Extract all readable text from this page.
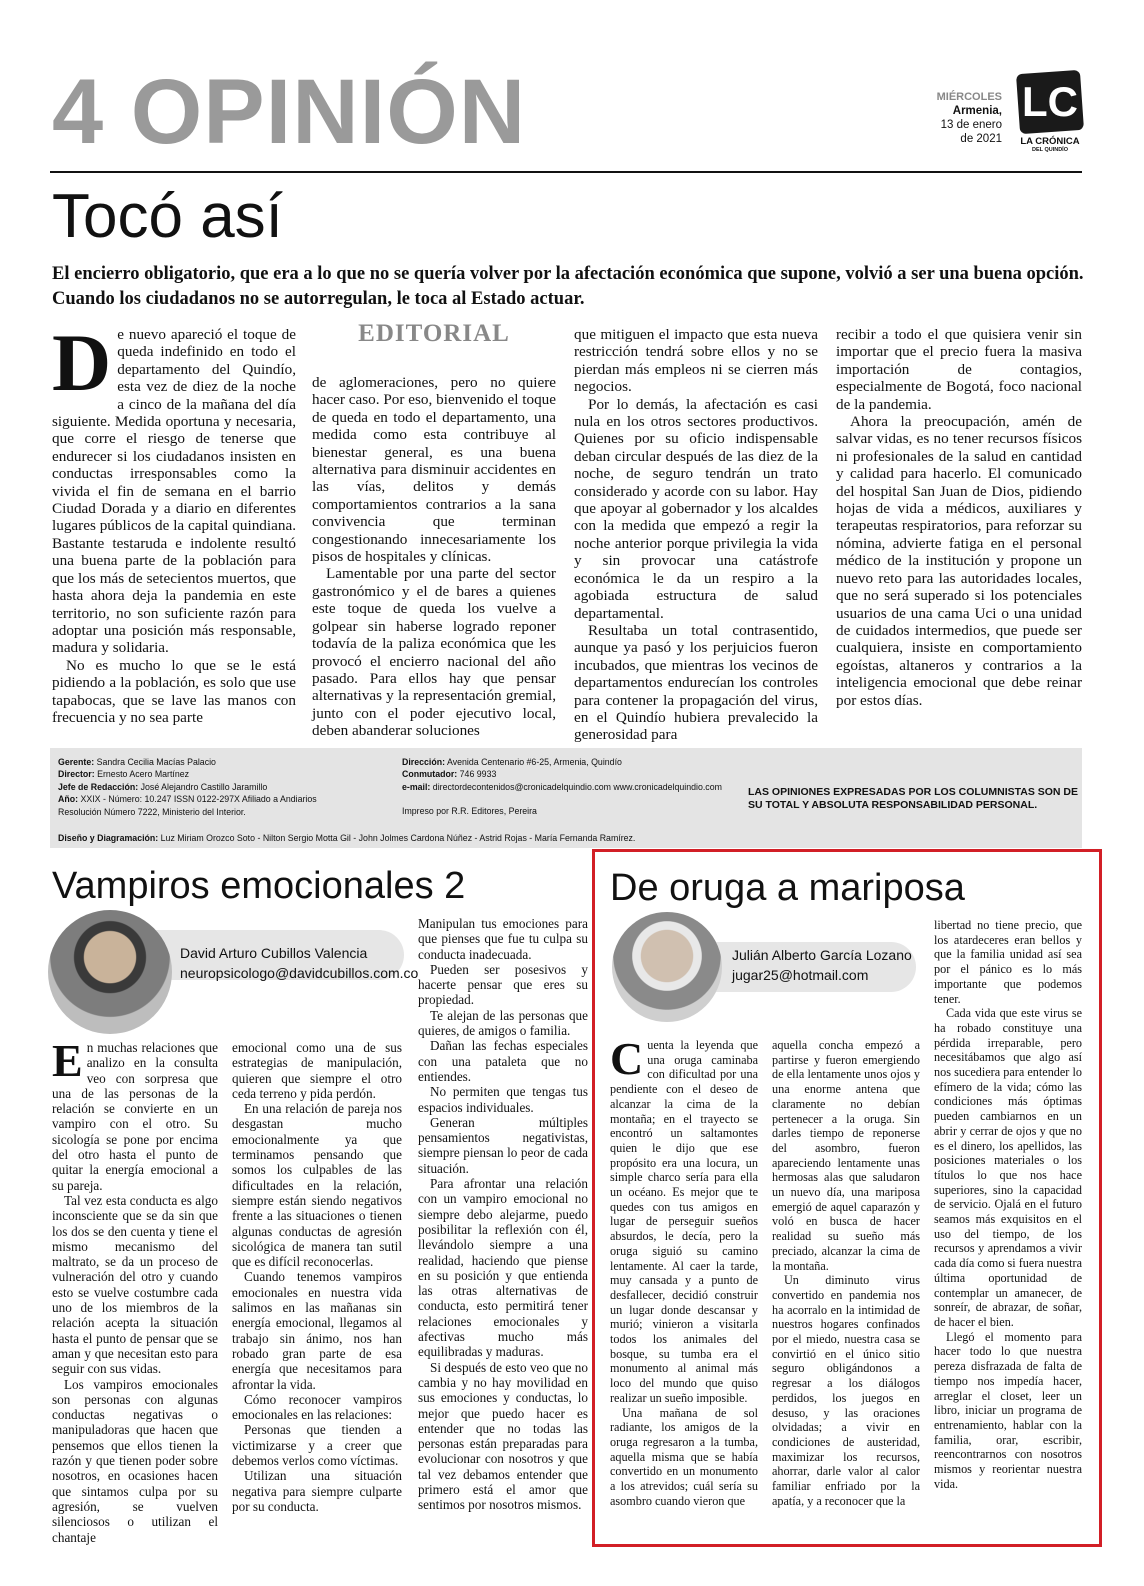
4 OPINIÓN	MIÉRCOLES
Armenia,
13 de enero
de 2021
LC
LA CRÓNICA
DEL QUINDÍO
Tocó así
El encierro obligatorio, que era a lo que no se quería volver por la afectación económica que supone, volvió a ser una buena opción. Cuando los ciudadanos no se autorregulan, le toca al Estado actuar.
EDITORIAL
D e nuevo apareció el toque de queda indefinido en todo el departamento del Quindío, esta vez de diez de la noche a cinco de la mañana del día siguiente. Medida oportuna y necesaria, que corre el riesgo de tenerse que endurecer si los ciudadanos insisten en conductas irresponsables como la vivida el fin de semana en el barrio Ciudad Dorada y a diario en diferentes lugares públicos de la capital quindiana. Bastante testaruda e indolente resultó una buena parte de la población para que los más de setecientos muertos, que hasta ahora deja la pandemia en este territorio, no son suficiente razón para adoptar una posición más responsable, madura y solidaria.

No es mucho lo que se le está pidiendo a la población, es solo que use tapabocas, que se lave las manos con frecuencia y no sea parte

de aglomeraciones, pero no quiere hacer caso. Por eso, bienvenido el toque de queda en todo el departamento, una medida como esta contribuye al bienestar general, es una buena alternativa para disminuir accidentes en las vías, delitos y demás comportamientos contrarios a la sana convivencia que terminan congestionando innecesariamente los pisos de hospitales y clínicas.

Lamentable por una parte del sector gastronómico y el de bares a quienes este toque de queda los vuelve a golpear sin haberse logrado reponer todavía de la paliza económica que les provocó el encierro nacional del año pasado. Para ellos hay que pensar alternativas y la representación gremial, junto con el poder ejecutivo local, deben abanderar soluciones

que mitiguen el impacto que esta nueva restricción tendrá sobre ellos y no se pierdan más empleos ni se cierren más negocios.

Por lo demás, la afectación es casi nula en los otros sectores productivos. Quienes por su oficio indispensable deban circular después de las diez de la noche, de seguro tendrán un trato considerado y acorde con su labor. Hay que apoyar al gobernador y los alcaldes con la medida que empezó a regir la noche anterior porque privilegia la vida y sin provocar una catástrofe económica le da un respiro a la agobiada estructura de salud departamental.

Resultaba un total contrasentido, aunque ya pasó y los perjuicios fueron incubados, que mientras los vecinos de departamentos endurecían los controles para contener la propagación del virus, en el Quindío hubiera prevalecido la generosidad para

recibir a todo el que quisiera venir sin importar que el precio fuera la masiva importación de contagios, especialmente de Bogotá, foco nacional de la pandemia.

Ahora la preocupación, amén de salvar vidas, es no tener recursos físicos ni profesionales de la salud en cantidad y calidad para hacerlo. El comunicado del hospital San Juan de Dios, pidiendo hojas de vida a médicos, auxiliares y terapeutas respiratorios, para reforzar su nómina, advierte fatiga en el personal médico de la institución y propone un nuevo reto para las autoridades locales, que no será superado si los potenciales usuarios de una cama Uci o una unidad de cuidados intermedios, que puede ser cualquiera, insiste en comportamiento egoístas, altaneros y contrarios a la inteligencia emocional que debe reinar por estos días.

Gerente: Sandra Cecilia Macías Palacio
Director: Ernesto Acero Martínez
Jefe de Redacción: José Alejandro Castillo Jaramillo
Año: XXIX - Número: 10.247 ISSN 0122-297X Afiliado a Andiarios
Resolución Número 7222, Ministerio del Interior.
Dirección: Avenida Centenario #6-25, Armenia, Quindío
Conmutador: 746 9933
e-mail: directordecontenidos@cronicadelquindio.com www.cronicadelquindio.com
Impreso por R.R. Editores, Pereira
Diseño y Diagramación: Luz Miriam Orozco Soto - Nilton Sergio Motta Gil - John Jolmes Cardona Núñez - Astrid Rojas - María Fernanda Ramírez.
LAS OPINIONES EXPRESADAS POR LOS COLUMNISTAS SON DE SU TOTAL Y ABSOLUTA RESPONSABILIDAD PERSONAL.
Vampiros emocionales 2
David Arturo Cubillos Valencia
neuropsicologo@davidcubillos.com.co
E n muchas relaciones que analizo en la consulta veo con sorpresa que una de las personas de la relación se convierte en un vampiro con el otro. Su sicología se pone por encima del otro hasta el punto de quitar la energía emocional a su pareja.

Tal vez esta conducta es algo inconsciente que se da sin que los dos se den cuenta y tiene el mismo mecanismo del maltrato, se da un proceso de vulneración del otro y cuando esto se vuelve costumbre cada uno de los miembros de la relación acepta la situación hasta el punto de pensar que se aman y que necesitan esto para seguir con sus vidas.

Los vampiros emocionales son personas con algunas conductas negativas o manipuladoras que hacen que pensemos que ellos tienen la razón y que tienen poder sobre nosotros, en ocasiones hacen que sintamos culpa por su agresión, se vuelven silenciosos o utilizan el chantaje

emocional como una de sus estrategias de manipulación, quieren que siempre el otro ceda terreno y pida perdón.

En una relación de pareja nos desgastan mucho emocionalmente ya que terminamos pensando que somos los culpables de las dificultades en la relación, siempre están siendo negativos frente a las situaciones o tienen algunas conductas de agresión sicológica de manera tan sutil que es difícil reconocerlas.

Cuando tenemos vampiros emocionales en nuestra vida salimos en las mañanas sin energía emocional, llegamos al trabajo sin ánimo, nos han robado gran parte de esa energía que necesitamos para afrontar la vida.

Cómo reconocer vampiros emocionales en las relaciones:

Personas que tienden a victimizarse y a creer que debemos verlos como víctimas.

Utilizan una situación negativa para siempre culparte por su conducta.

Manipulan tus emociones para que pienses que fue tu culpa su conducta inadecuada.

Pueden ser posesivos y hacerte pensar que eres su propiedad.

Te alejan de las personas que quieres, de amigos o familia.

Dañan las fechas especiales con una pataleta que no entiendes.

No permiten que tengas tus espacios individuales.

Generan múltiples pensamientos negativistas, siempre piensan lo peor de cada situación.

Para afrontar una relación con un vampiro emocional no siempre debo alejarme, puedo posibilitar la reflexión con él, llevándolo siempre a una realidad, haciendo que piense en su posición y que entienda las otras alternativas de conducta, esto permitirá tener relaciones emocionales y afectivas mucho más equilibradas y maduras.

Si después de esto veo que no cambia y no hay movilidad en sus emociones y conductas, lo mejor que puedo hacer es entender que no todas las personas están preparadas para evolucionar con nosotros y que tal vez debamos entender que primero está el amor que sentimos por nosotros mismos.

De oruga a mariposa
Julián Alberto García Lozano
jugar25@hotmail.com
C uenta la leyenda que una oruga caminaba con dificultad por una pendiente con el deseo de alcanzar la cima de la montaña; en el trayecto se encontró un saltamontes quien le dijo que ese propósito era una locura, un simple charco sería para ella un océano. Es mejor que te quedes con tus amigos en lugar de perseguir sueños absurdos, le decía, pero la oruga siguió su camino lentamente. Al caer la tarde, muy cansada y a punto de desfallecer, decidió construir un lugar donde descansar y murió; vinieron a visitarla todos los animales del bosque, su tumba era el monumento al animal más loco del mundo que quiso realizar un sueño imposible.

Una mañana de sol radiante, los amigos de la oruga regresaron a la tumba, aquella misma que se había convertido en un monumento a los atrevidos; cuál sería su asombro cuando vieron que

aquella concha empezó a partirse y fueron emergiendo de ella lentamente unos ojos y una enorme antena que claramente no debían pertenecer a la oruga. Sin darles tiempo de reponerse del asombro, fueron apareciendo lentamente unas hermosas alas que saludaron un nuevo día, una mariposa emergió de aquel caparazón y voló en busca de hacer realidad su sueño más preciado, alcanzar la cima de la montaña.

Un diminuto virus convertido en pandemia nos ha acorralo en la intimidad de nuestros hogares confinados por el miedo, nuestra casa se convirtió en el único sitio seguro obligándonos a regresar a los diálogos perdidos, los juegos en desuso, y las oraciones olvidadas; a vivir en condiciones de austeridad, maximizar los recursos, ahorrar, darle valor al calor familiar enfriado por la apatía, y a reconocer que la

libertad no tiene precio, que los atardeceres eran bellos y que la familia unidad así sea por el pánico es lo más importante que podemos tener.

Cada vida que este virus se ha robado constituye una pérdida irreparable, pero necesitábamos que algo así nos sucediera para entender lo efímero de la vida; cómo las condiciones más óptimas pueden cambiarnos en un abrir y cerrar de ojos y que no es el dinero, los apellidos, las posiciones materiales o los títulos lo que nos hace superiores, sino la capacidad de servicio. Ojalá en el futuro seamos más exquisitos en el uso del tiempo, de los recursos y aprendamos a vivir cada día como si fuera nuestra última oportunidad de contemplar un amanecer, de sonreír, de abrazar, de soñar, de hacer el bien.

Llegó el momento para hacer todo lo que nuestra pereza disfrazada de falta de tiempo nos impedía hacer, arreglar el closet, leer un libro, iniciar un programa de entrenamiento, hablar con la familia, orar, escribir, reencontrarnos con nosotros mismos y reorientar nuestra vida.
